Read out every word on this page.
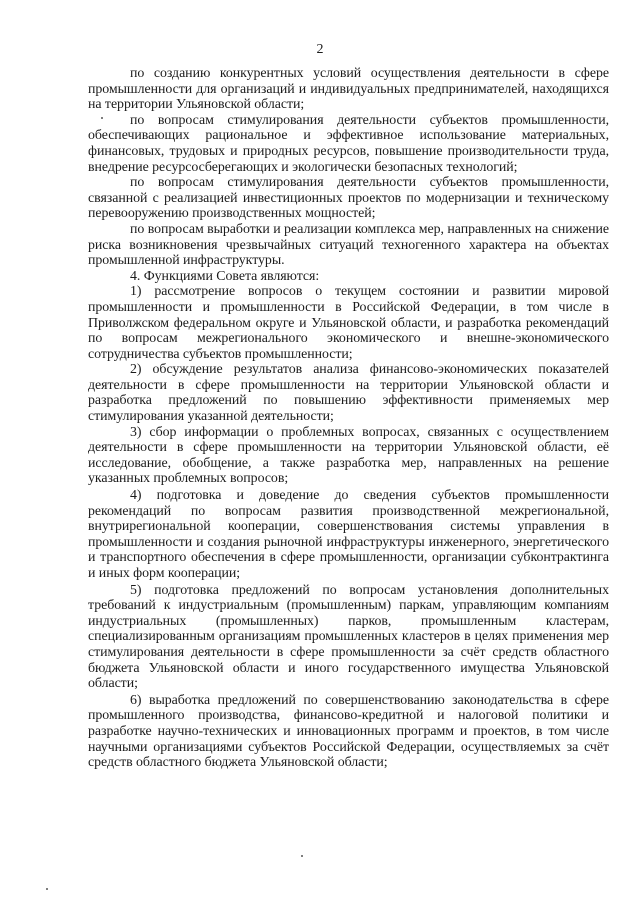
2

по созданию конкурентных условий осуществления деятельности в сфере промышленности для организаций и индивидуальных предпринимателей, находящихся на территории Ульяновской области;

по вопросам стимулирования деятельности субъектов промышленности, обеспечивающих рациональное и эффективное использование материальных, финансовых, трудовых и природных ресурсов, повышение производительности труда, внедрение ресурсосберегающих и экологически безопасных технологий;

по вопросам стимулирования деятельности субъектов промышленности, связанной с реализацией инвестиционных проектов по модернизации и техническому перевооружению производственных мощностей;

по вопросам выработки и реализации комплекса мер, направленных на снижение риска возникновения чрезвычайных ситуаций техногенного характера на объектах промышленной инфраструктуры.

4. Функциями Совета являются:

1) рассмотрение вопросов о текущем состоянии и развитии мировой промышленности и промышленности в Российской Федерации, в том числе в Приволжском федеральном округе и Ульяновской области, и разработка рекомендаций по вопросам межрегионального экономического и внешне-экономического сотрудничества субъектов промышленности;

2) обсуждение результатов анализа финансово-экономических показателей деятельности в сфере промышленности на территории Ульяновской области и разработка предложений по повышению эффективности применяемых мер стимулирования указанной деятельности;

3) сбор информации о проблемных вопросах, связанных с осуществлением деятельности в сфере промышленности на территории Ульяновской области, её исследование, обобщение, а также разработка мер, направленных на решение указанных проблемных вопросов;

4) подготовка и доведение до сведения субъектов промышленности рекомендаций по вопросам развития производственной межрегиональной, внутрирегиональной кооперации, совершенствования системы управления в промышленности и создания рыночной инфраструктуры инженерного, энергетического и транспортного обеспечения в сфере промышленности, организации субконтрактинга и иных форм кооперации;

5) подготовка предложений по вопросам установления дополнительных требований к индустриальным (промышленным) паркам, управляющим компаниям индустриальных (промышленных) парков, промышленным кластерам, специализированным организациям промышленных кластеров в целях применения мер стимулирования деятельности в сфере промышленности за счёт средств областного бюджета Ульяновской области и иного государственного имущества Ульяновской области;

6) выработка предложений по совершенствованию законодательства в сфере промышленного производства, финансово-кредитной и налоговой политики и разработке научно-технических и инновационных программ и проектов, в том числе научными организациями субъектов Российской Федерации, осуществляемых за счёт средств областного бюджета Ульяновской области;
